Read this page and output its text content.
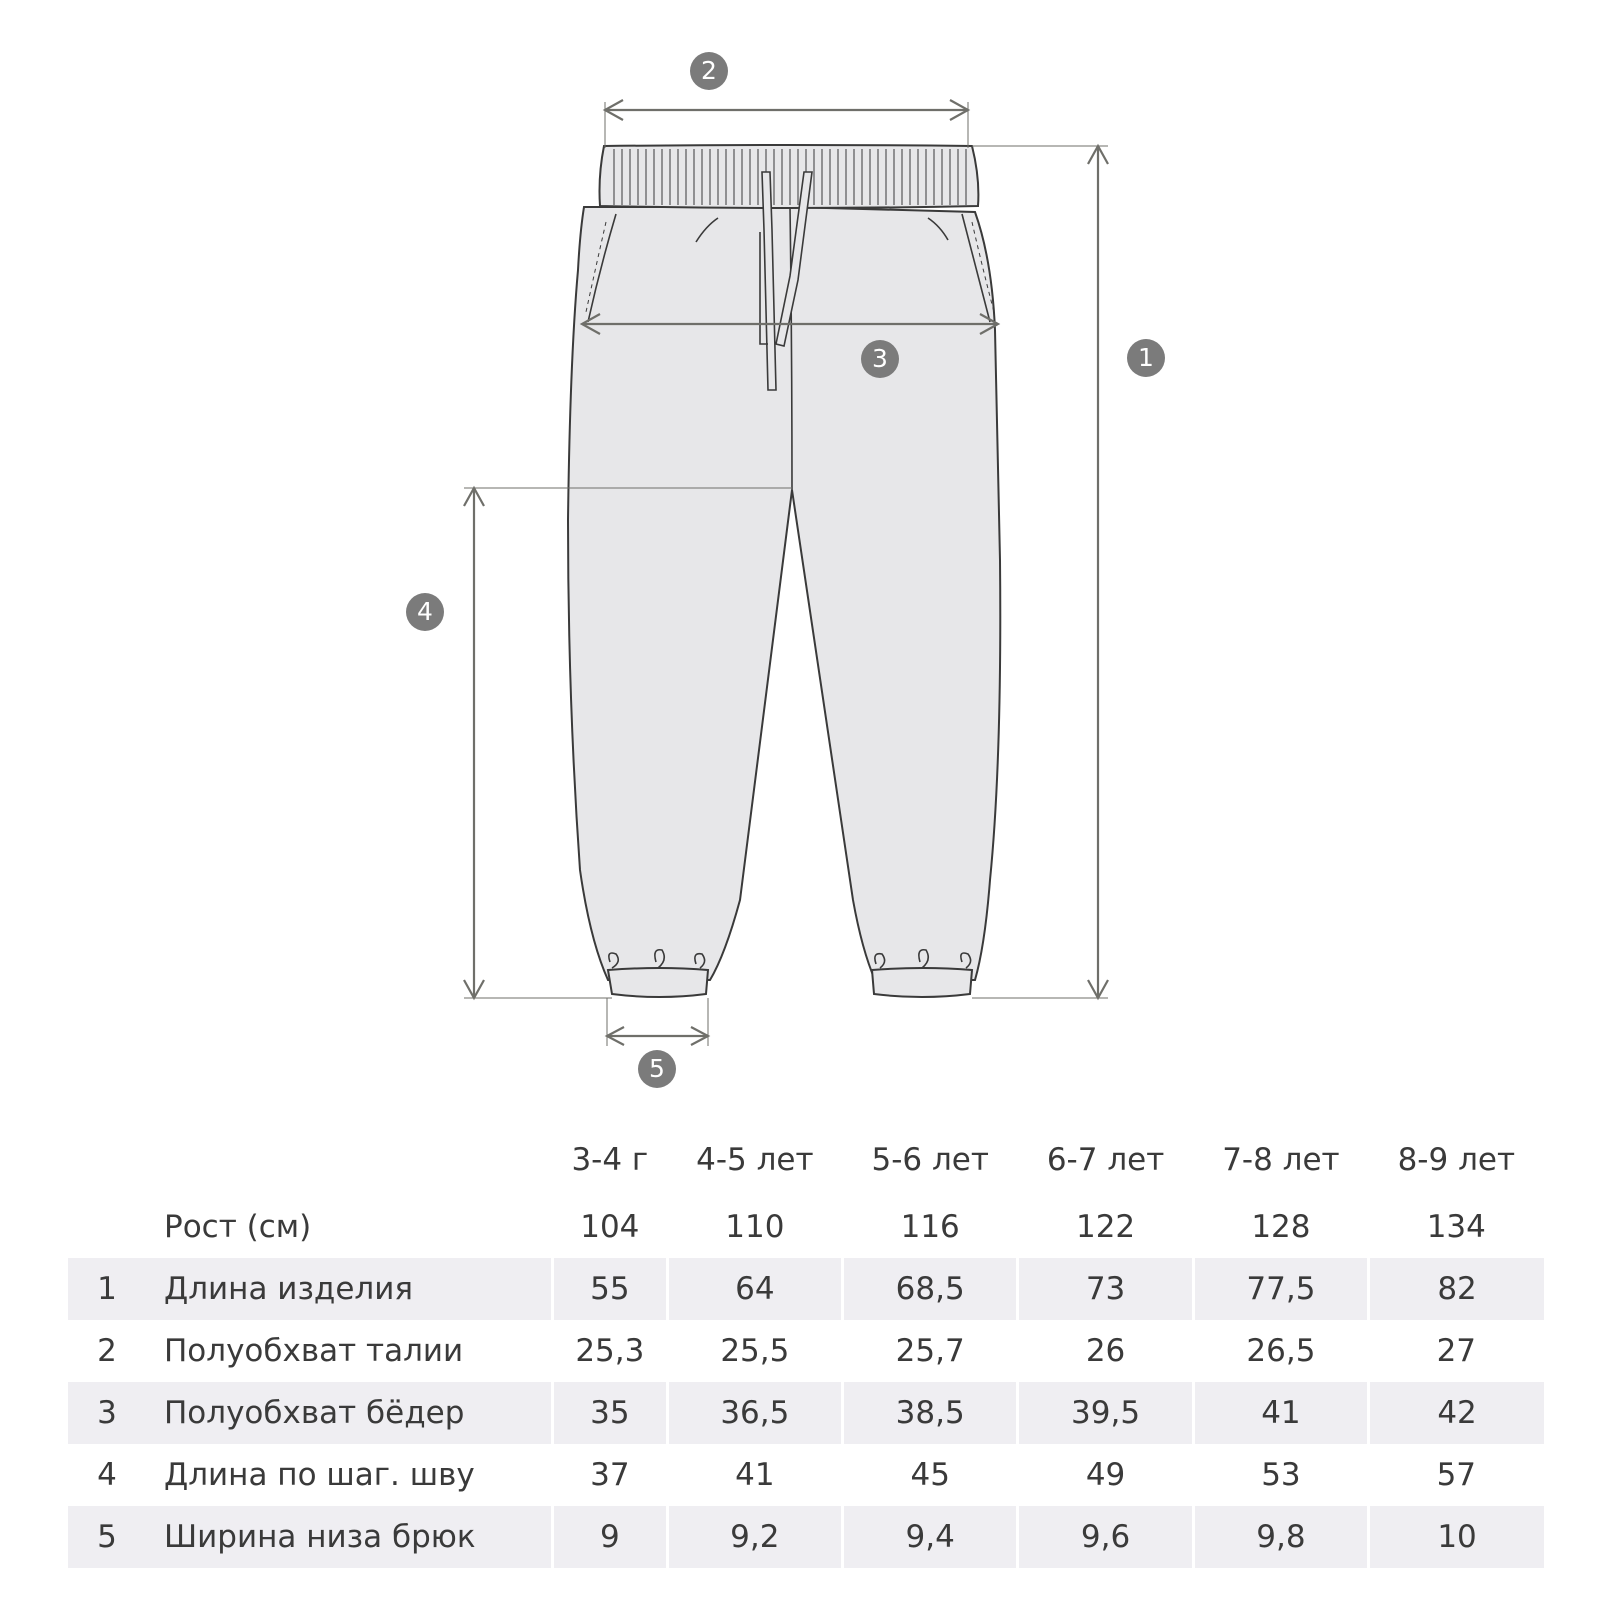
1
2
3
4
5
		3-4 г	4-5 лет	5-6 лет	6-7 лет	7-8 лет	8-9 лет
	Рост (см)	104	110	116	122	128	134
1	Длина изделия	55	64	68,5	73	77,5	82
2	Полуобхват талии	25,3	25,5	25,7	26	26,5	27
3	Полуобхват бёдер	35	36,5	38,5	39,5	41	42
4	Длина по шаг. шву	37	41	45	49	53	57
5	Ширина низа брюк	9	9,2	9,4	9,6	9,8	10
